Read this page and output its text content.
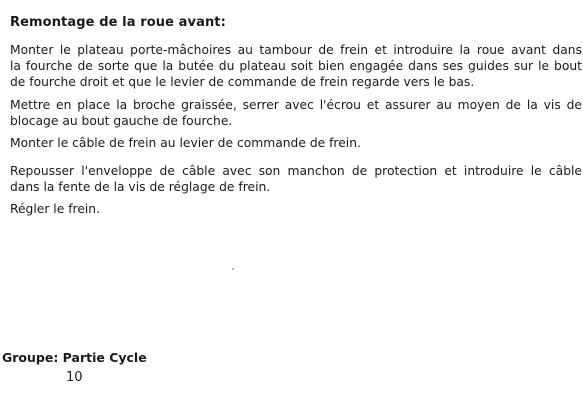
Remontage de la roue avant:
Monter le plateau porte-mâchoires au tambour de frein et introduire la roue avant dans
la fourche de sorte que la butée du plateau soit bien engagée dans ses guides sur le bout
de fourche droit et que le levier de commande de frein regarde vers le bas.
Mettre en place la broche graissée, serrer avec l'écrou et assurer au moyen de la vis de
blocage au bout gauche de fourche.
Monter le câble de frein au levier de commande de frein.
Repousser l'enveloppe de câble avec son manchon de protection et introduire le câble
dans la fente de la vis de réglage de frein.
Régler le frein.
Groupe: Partie Cycle
10
